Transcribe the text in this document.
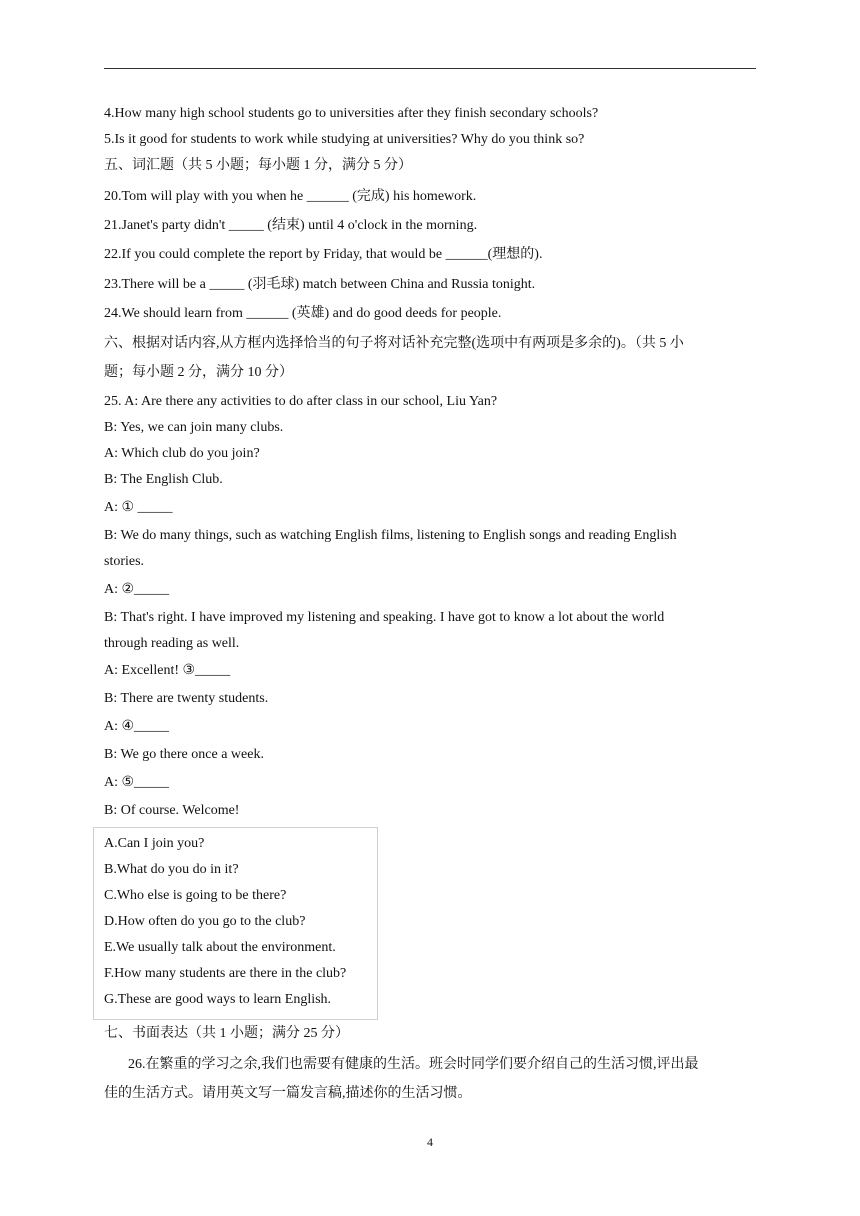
4.How many high school students go to universities after they finish secondary schools?
5.Is it good for students to work while studying at universities? Why do you think so?
五、词汇题（共 5 小题；每小题 1 分，满分 5 分）
20.Tom will play with you when he ______ (完成) his homework.
21.Janet's party didn't _____ (结束) until 4 o'clock in the morning.
22.If you could complete the report by Friday, that would be ______(理想的).
23.There will be a _____ (羽毛球) match between China and Russia tonight.
24.We should learn from ______ (英雄) and do good deeds for people.
六、根据对话内容,从方框内选择恰当的句子将对话补充完整(选项中有两项是多余的)。（共 5 小
题；每小题 2 分，满分 10 分）
25. A: Are there any activities to do after class in our school, Liu Yan?
B: Yes, we can join many clubs.
A: Which club do you join?
B: The English Club.
A: ① _____
B: We do many things, such as watching English films, listening to English songs and reading English
stories.
A: ②_____
B: That's right. I have improved my listening and speaking. I have got to know a lot about the world
through reading as well.
A: Excellent! ③_____
B: There are twenty students.
A: ④_____
B: We go there once a week.
A: ⑤_____
B: Of course. Welcome!
A.Can I join you?
B.What do you do in it?
C.Who else is going to be there?
D.How often do you go to the club?
E.We usually talk about the environment.
F.How many students are there in the club?
G.These are good ways to learn English.
七、书面表达（共 1 小题；满分 25 分）
26.在繁重的学习之余,我们也需要有健康的生活。班会时同学们要介绍自己的生活习惯,评出最
佳的生活方式。请用英文写一篇发言稿,描述你的生活习惯。
4
